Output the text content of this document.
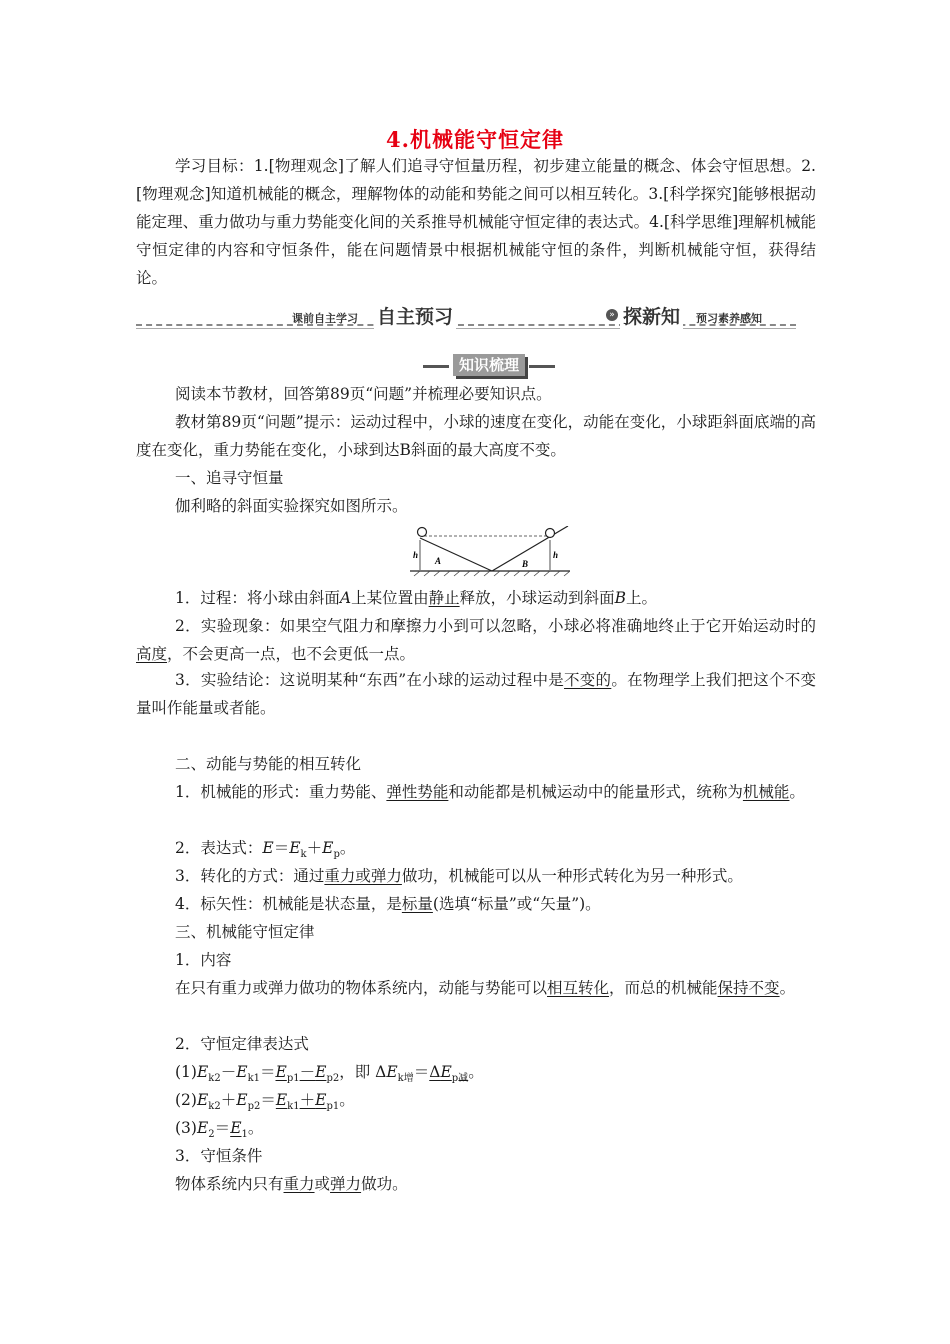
4.机械能守恒定律

学习目标：1.[物理观念]了解人们追寻守恒量历程，初步建立能量的概念、体会守恒思想。2.[物理观念]知道机械能的概念，理解物体的动能和势能之间可以相互转化。3.[科学探究]能够根据动能定理、重力做功与重力势能变化间的关系推导机械能守恒定律的表达式。4.[科学思维]理解机械能守恒定律的内容和守恒条件，能在问题情景中根据机械能守恒的条件，判断机械能守恒，获得结论。

课前自主学习 自主预习	» 探新知 预习素养感知
知识梳理
阅读本节教材，回答第89页“问题”并梳理必要知识点。

教材第89页“问题”提示：运动过程中，小球的速度在变化，动能在变化，小球距斜面底端的高度在变化，重力势能在变化，小球到达B斜面的最大高度不变。

一、追寻守恒量
伽利略的斜面实验探究如图所示。
h
A	B
h
1．过程：将小球由斜面A上某位置由静止释放，小球运动到斜面B上。

2．实验现象：如果空气阻力和摩擦力小到可以忽略，小球必将准确地终止于它开始运动时的高度，不会更高一点，也不会更低一点。

3．实验结论：这说明某种“东西”在小球的运动过程中是不变的。在物理学上我们把这个不变量叫作能量或者能。

二、动能与势能的相互转化

1．机械能的形式：重力势能、弹性势能和动能都是机械运动中的能量形式，统称为机械能。

2．表达式：$E=E_k+E_p$。
3．转化的方式：通过重力或弹力做功，机械能可以从一种形式转化为另一种形式。
4．标矢性：机械能是状态量，是标量(选填“标量”或“矢量”)。
三、机械能守恒定律
1．内容

在只有重力或弹力做功的物体系统内，动能与势能可以相互转化，而总的机械能保持不变。

2．守恒定律表达式
$(1)E_{k2}-E_{k1}=E_{p1}-E_{p2}$，即 $\Delta E_{k增}=\Delta E_{p减}$。
$(2)E_{k2}+E_{p2}=E_{k1}+E_{p1}$。
$(3)E_2=E_1$。
3．守恒条件
物体系统内只有重力或弹力做功。
